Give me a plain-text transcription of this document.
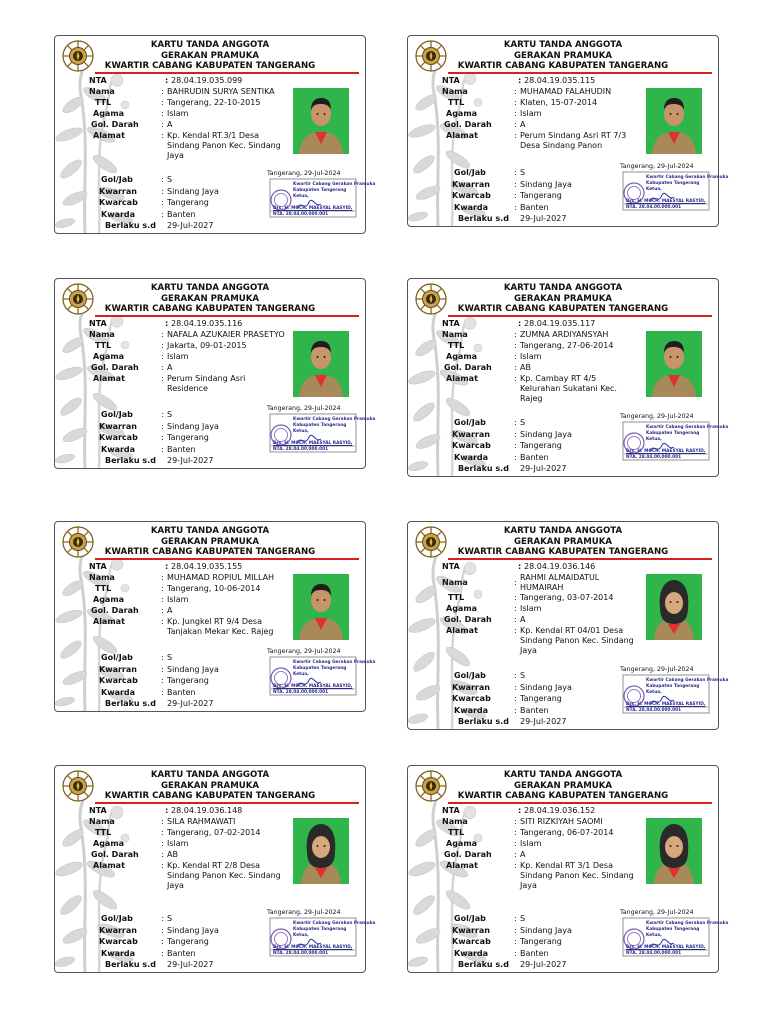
KARTU TANDA ANGGOTA
GERAKAN PRAMUKA
KWARTIR CABANG KABUPATEN TANGERANG
NTA
Nama
TTL
Agama
Gol. Darah
Alamat
Gol/Jab
Kwarran
Kwarcab
Kwarda
Berlaku s.d
: 28.04.19.035.099
: BAHRUDIN SURYA SENTIKA
: Tangerang, 22-10-2015
: Islam
: A
: Kp. Kendal RT.3/1 Desa Sindang Panon Kec. Sindang Jaya
: S
: Sindang Jaya
: Tangerang
: Banten
29-Jul-2027
Tangerang, 29-Jul-2024
Kwartir Cabang Gerakan Pramuka
Kabupaten Tangerang
Ketua,
Drs. H. MOCH. MAESYAL RASYID,
NTA. 28.04.00.000.001
KARTU TANDA ANGGOTA
GERAKAN PRAMUKA
KWARTIR CABANG KABUPATEN TANGERANG
NTA
Nama
TTL
Agama
Gol. Darah
Alamat
Gol/Jab
Kwarran
Kwarcab
Kwarda
Berlaku s.d
: 28.04.19.035.115
: MUHAMAD FALAHUDIN
: Klaten, 15-07-2014
: Islam
: A
: Perum Sindang Asri RT 7/3 Desa Sindang Panon
: S
: Sindang Jaya
: Tangerang
: Banten
29-Jul-2027
Tangerang, 29-Jul-2024
Kwartir Cabang Gerakan Pramuka
Kabupaten Tangerang
Ketua,
Drs. H. MOCH. MAESYAL RASYID,
NTA. 28.04.00.000.001
KARTU TANDA ANGGOTA
GERAKAN PRAMUKA
KWARTIR CABANG KABUPATEN TANGERANG
NTA
Nama
TTL
Agama
Gol. Darah
Alamat
Gol/Jab
Kwarran
Kwarcab
Kwarda
Berlaku s.d
: 28.04.19.035.116
: NAFALA AZUKAIER PRASETYO
: Jakarta, 09-01-2015
: Islam
: A
: Perum Sindang Asri Residence
: S
: Sindang Jaya
: Tangerang
: Banten
29-Jul-2027
Tangerang, 29-Jul-2024
Kwartir Cabang Gerakan Pramuka
Kabupaten Tangerang
Ketua,
Drs. H. MOCH. MAESYAL RASYID,
NTA. 28.04.00.000.001
KARTU TANDA ANGGOTA
GERAKAN PRAMUKA
KWARTIR CABANG KABUPATEN TANGERANG
NTA
Nama
TTL
Agama
Gol. Darah
Alamat
Gol/Jab
Kwarran
Kwarcab
Kwarda
Berlaku s.d
: 28.04.19.035.117
: ZUMNA ARDIYANSYAH
: Tangerang, 27-06-2014
: Islam
: AB
: Kp. Cambay RT 4/5 Kelurahan Sukatani Kec. Rajeg
: S
: Sindang Jaya
: Tangerang
: Banten
29-Jul-2027
Tangerang, 29-Jul-2024
Kwartir Cabang Gerakan Pramuka
Kabupaten Tangerang
Ketua,
Drs. H. MOCH. MAESYAL RASYID,
NTA. 28.04.00.000.001
KARTU TANDA ANGGOTA
GERAKAN PRAMUKA
KWARTIR CABANG KABUPATEN TANGERANG
NTA
Nama
TTL
Agama
Gol. Darah
Alamat
Gol/Jab
Kwarran
Kwarcab
Kwarda
Berlaku s.d
: 28.04.19.035.155
: MUHAMAD ROPIUL MILLAH
: Tangerang, 10-06-2014
: Islam
: A
: Kp. Jungkel RT 9/4 Desa Tanjakan Mekar Kec. Rajeg
: S
: Sindang Jaya
: Tangerang
: Banten
29-Jul-2027
Tangerang, 29-Jul-2024
Kwartir Cabang Gerakan Pramuka
Kabupaten Tangerang
Ketua,
Drs. H. MOCH. MAESYAL RASYID,
NTA. 28.04.00.000.001
KARTU TANDA ANGGOTA
GERAKAN PRAMUKA
KWARTIR CABANG KABUPATEN TANGERANG
NTA
Nama
TTL
Agama
Gol. Darah
Alamat
Gol/Jab
Kwarran
Kwarcab
Kwarda
Berlaku s.d
: 28.04.19.036.146
:
RAHMI ALMAIDATUL HUMAIRAH
: Tangerang, 03-07-2014
: Islam
: A
: Kp. Kendal RT 04/01 Desa Sindang Panon Kec. Sindang Jaya
: S
: Sindang Jaya
: Tangerang
: Banten
29-Jul-2027
Tangerang, 29-Jul-2024
Kwartir Cabang Gerakan Pramuka
Kabupaten Tangerang
Ketua,
Drs. H. MOCH. MAESYAL RASYID,
NTA. 28.04.00.000.001
KARTU TANDA ANGGOTA
GERAKAN PRAMUKA
KWARTIR CABANG KABUPATEN TANGERANG
NTA
Nama
TTL
Agama
Gol. Darah
Alamat
Gol/Jab
Kwarran
Kwarcab
Kwarda
Berlaku s.d
: 28.04.19.036.148
: SILA RAHMAWATI
: Tangerang, 07-02-2014
: Islam
: AB
: Kp. Kendal RT 2/8 Desa Sindang Panon Kec. Sindang Jaya
: S
: Sindang Jaya
: Tangerang
: Banten
29-Jul-2027
Tangerang, 29-Jul-2024
Kwartir Cabang Gerakan Pramuka
Kabupaten Tangerang
Ketua,
Drs. H. MOCH. MAESYAL RASYID,
NTA. 28.04.00.000.001
KARTU TANDA ANGGOTA
GERAKAN PRAMUKA
KWARTIR CABANG KABUPATEN TANGERANG
NTA
Nama
TTL
Agama
Gol. Darah
Alamat
Gol/Jab
Kwarran
Kwarcab
Kwarda
Berlaku s.d
: 28.04.19.036.152
: SITI RIZKIYAH SAOMI
: Tangerang, 06-07-2014
: Islam
: A
: Kp. Kendal RT 3/1 Desa Sindang Panon Kec. Sindang Jaya
: S
: Sindang Jaya
: Tangerang
: Banten
29-Jul-2027
Tangerang, 29-Jul-2024
Kwartir Cabang Gerakan Pramuka
Kabupaten Tangerang
Ketua,
Drs. H. MOCH. MAESYAL RASYID,
NTA. 28.04.00.000.001
